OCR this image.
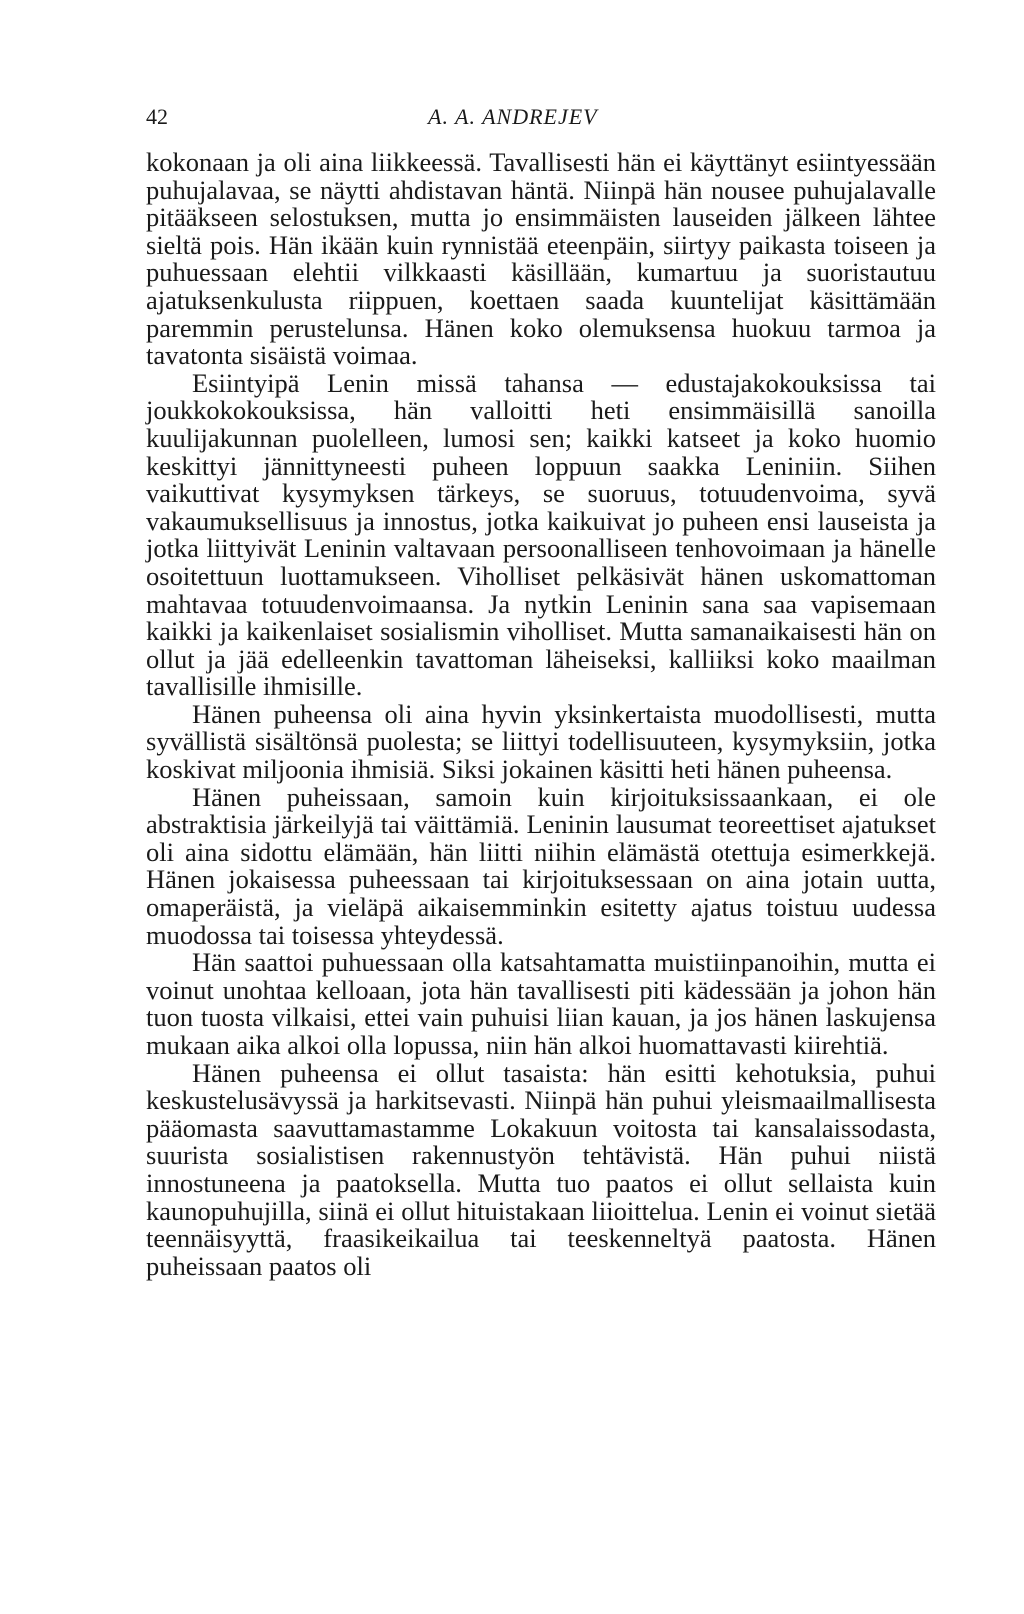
42	A. A. ANDREJEV

kokonaan ja oli aina liikkeessä. Tavallisesti hän ei käyttänyt esiintyessään puhujalavaa, se näytti ahdistavan häntä. Niinpä hän nousee puhujalavalle pitääkseen selostuksen, mutta jo ensimmäisten lauseiden jälkeen lähtee sieltä pois. Hän ikään kuin rynnistää eteenpäin, siirtyy paikasta toiseen ja puhuessaan elehtii vilkkaasti käsillään, kumartuu ja suoristautuu ajatuksenkulusta riippuen, koettaen saada kuuntelijat käsittämään paremmin perustelunsa. Hänen koko olemuksensa huokuu tarmoa ja tavatonta sisäistä voimaa.

Esiintyipä Lenin missä tahansa — edustajakokouksissa tai joukkokokouksissa, hän valloitti heti ensimmäisillä sanoilla kuulijakunnan puolelleen, lumosi sen; kaikki katseet ja koko huomio keskittyi jännittyneesti puheen loppuun saakka Leniniin. Siihen vaikuttivat kysymyksen tärkeys, se suoruus, totuudenvoima, syvä vakaumuksellisuus ja innostus, jotka kaikuivat jo puheen ensi lauseista ja jotka liittyivät Leninin valtavaan persoonalliseen tenhovoimaan ja hänelle osoitettuun luottamukseen. Viholliset pelkäsivät hänen uskomattoman mahtavaa totuudenvoimaansa. Ja nytkin Leninin sana saa vapisemaan kaikki ja kaikenlaiset sosialismin viholliset. Mutta samanaikaisesti hän on ollut ja jää edelleenkin tavattoman läheiseksi, kalliiksi koko maailman tavallisille ihmisille.

Hänen puheensa oli aina hyvin yksinkertaista muodollisesti, mutta syvällistä sisältönsä puolesta; se liittyi todellisuuteen, kysymyksiin, jotka koskivat miljoonia ihmisiä. Siksi jokainen käsitti heti hänen puheensa.

Hänen puheissaan, samoin kuin kirjoituksissaankaan, ei ole abstraktisia järkeilyjä tai väittämiä. Leninin lausumat teoreettiset ajatukset oli aina sidottu elämään, hän liitti niihin elämästä otettuja esimerkkejä. Hänen jokaisessa puheessaan tai kirjoituksessaan on aina jotain uutta, omaperäistä, ja vieläpä aikaisemminkin esitetty ajatus toistuu uudessa muodossa tai toisessa yhteydessä.

Hän saattoi puhuessaan olla katsahtamatta muistiinpanoihin, mutta ei voinut unohtaa kelloaan, jota hän tavallisesti piti kädessään ja johon hän tuon tuosta vilkaisi, ettei vain puhuisi liian kauan, ja jos hänen laskujensa mukaan aika alkoi olla lopussa, niin hän alkoi huomattavasti kiirehtiä.

Hänen puheensa ei ollut tasaista: hän esitti kehotuksia, puhui keskustelusävyssä ja harkitsevasti. Niinpä hän puhui yleismaailmallisesta pääomasta saavuttamastamme Lokakuun voitosta tai kansalaissodasta, suurista sosialistisen rakennustyön tehtävistä. Hän puhui niistä innostuneena ja paatoksella. Mutta tuo paatos ei ollut sellaista kuin kaunopuhujilla, siinä ei ollut hituistakaan liioittelua. Lenin ei voinut sietää teennäisyyttä, fraasikeikailua tai teeskenneltyä paatosta. Hänen puheissaan paatos oli
